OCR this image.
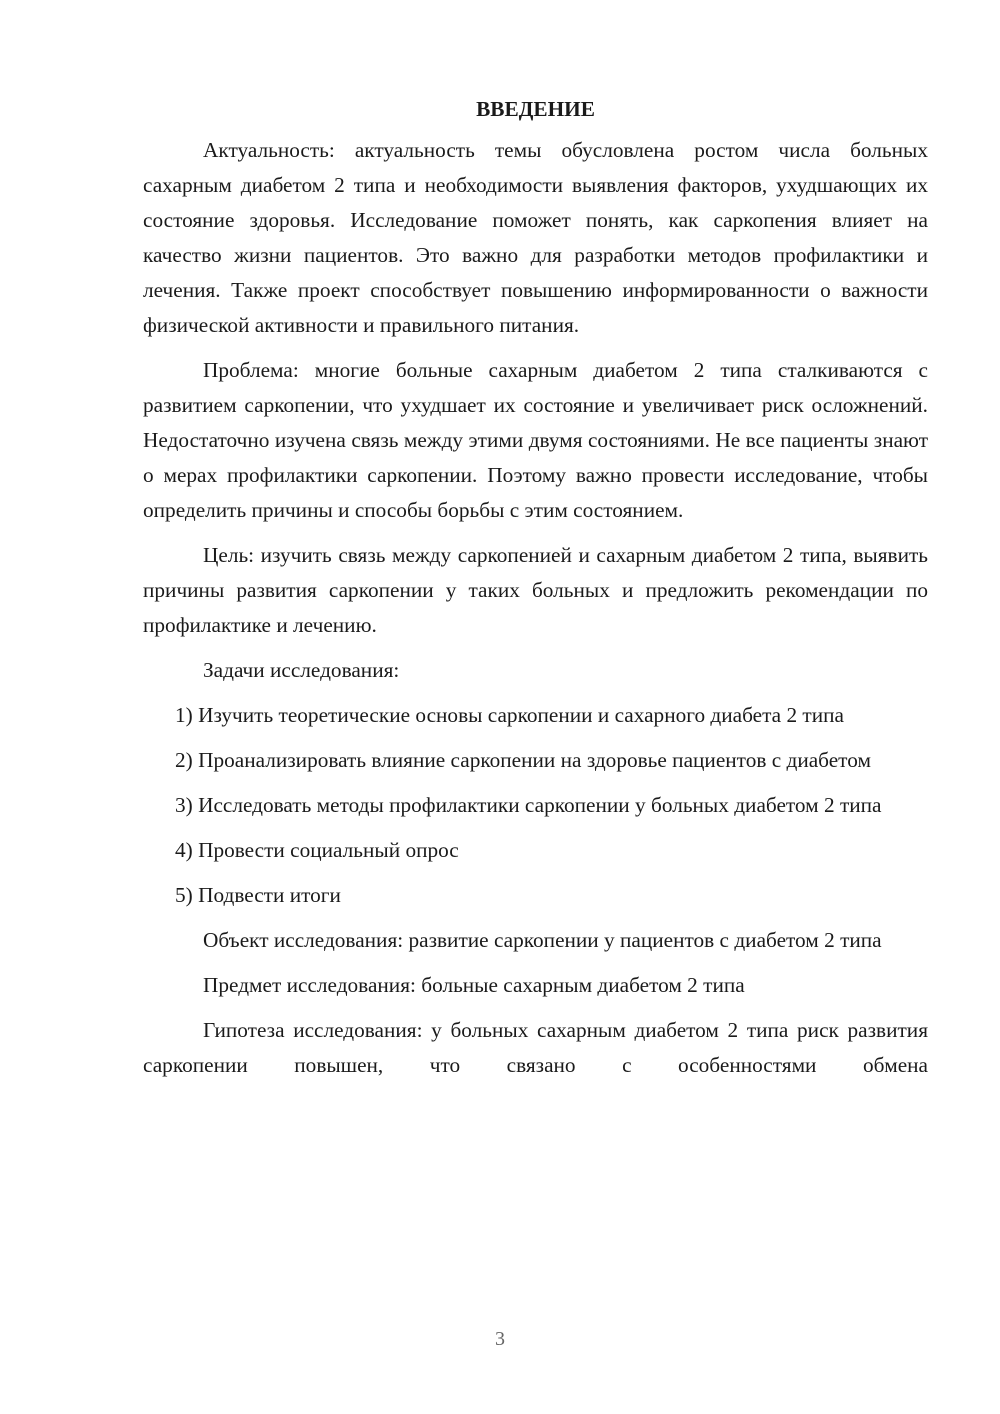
ВВЕДЕНИЕ

Актуальность: актуальность темы обусловлена ростом числа больных сахарным диабетом 2 типа и необходимости выявления факторов, ухудшающих их состояние здоровья. Исследование поможет понять, как саркопения влияет на качество жизни пациентов. Это важно для разработки методов профилактики и лечения. Также проект способствует повышению информированности о важности физической активности и правильного питания.

Проблема: многие больные сахарным диабетом 2 типа сталкиваются с развитием саркопении, что ухудшает их состояние и увеличивает риск осложнений. Недостаточно изучена связь между этими двумя состояниями. Не все пациенты знают о мерах профилактики саркопении. Поэтому важно провести исследование, чтобы определить причины и способы борьбы с этим состоянием.

Цель: изучить связь между саркопенией и сахарным диабетом 2 типа, выявить причины развития саркопении у таких больных и предложить рекомендации по профилактике и лечению.

Задачи исследования:

1) Изучить теоретические основы саркопении и сахарного диабета 2 типа

2) Проанализировать влияние саркопении на здоровье пациентов с диабетом

3) Исследовать методы профилактики саркопении у больных диабетом 2 типа

4) Провести социальный опрос

5) Подвести итоги

Объект исследования: развитие саркопении у пациентов с диабетом 2 типа

Предмет исследования: больные сахарным диабетом 2 типа

Гипотеза исследования: у больных сахарным диабетом 2 типа риск развития саркопении повышен, что связано с особенностями обмена

3
